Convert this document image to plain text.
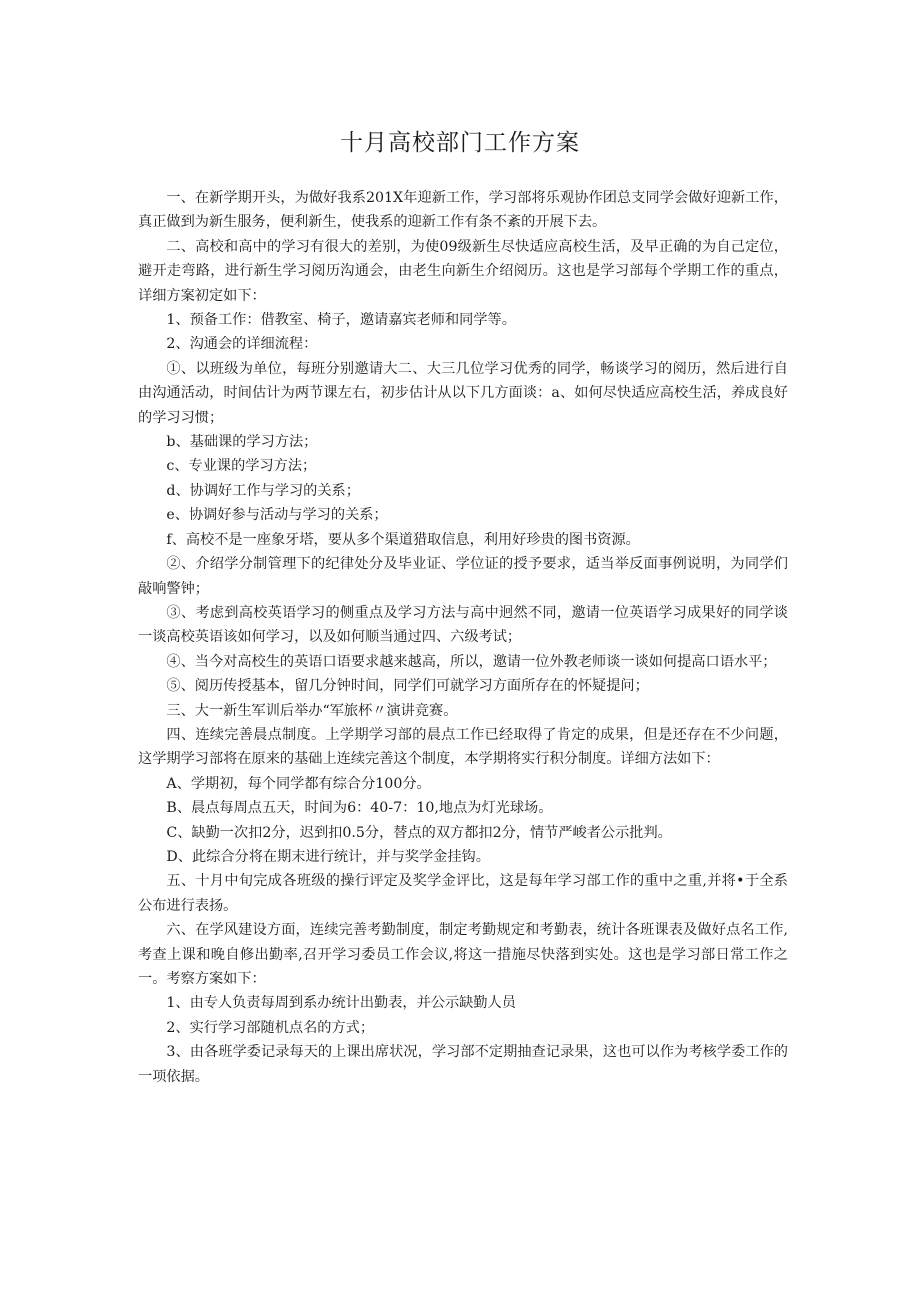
十月高校部门工作方案

一、在新学期开头，为做好我系201X年迎新工作，学习部将乐观协作团总支同学会做好迎新工作，真正做到为新生服务，便利新生，使我系的迎新工作有条不紊的开展下去。

二、高校和高中的学习有很大的差别，为使09级新生尽快适应高校生活，及早正确的为自己定位，避开走弯路，进行新生学习阅历沟通会，由老生向新生介绍阅历。这也是学习部每个学期工作的重点，详细方案初定如下：

1、预备工作：借教室、椅子，邀请嘉宾老师和同学等。

2、沟通会的详细流程：

①、以班级为单位，每班分别邀请大二、大三几位学习优秀的同学，畅谈学习的阅历，然后进行自由沟通活动，时间估计为两节课左右，初步估计从以下几方面谈：a、如何尽快适应高校生活，养成良好的学习习惯；

b、基础课的学习方法；

c、专业课的学习方法；

d、协调好工作与学习的关系；

e、协调好参与活动与学习的关系；

f、高校不是一座象牙塔，要从多个渠道猎取信息，利用好珍贵的图书资源。

②、介绍学分制管理下的纪律处分及毕业证、学位证的授予要求，适当举反面事例说明，为同学们敲响警钟；

③、考虑到高校英语学习的侧重点及学习方法与高中迥然不同，邀请一位英语学习成果好的同学谈一谈高校英语该如何学习，以及如何顺当通过四、六级考试；

④、当今对高校生的英语口语要求越来越高，所以，邀请一位外教老师谈一谈如何提高口语水平；

⑤、阅历传授基本，留几分钟时间，同学们可就学习方面所存在的怀疑提问；

三、大一新生军训后举办“军旅杯〃演讲竞赛。

四、连续完善晨点制度。上学期学习部的晨点工作已经取得了肯定的成果，但是还存在不少问题，这学期学习部将在原来的基础上连续完善这个制度，本学期将实行积分制度。详细方法如下：

A、学期初，每个同学都有综合分100分。

B、晨点每周点五天，时间为6：40-7：10,地点为灯光球场。

C、缺勤一次扣2分，迟到扣0.5分，替点的双方都扣2分，情节严峻者公示批判。

D、此综合分将在期末进行统计，并与奖学金挂钩。

五、十月中旬完成各班级的操行评定及奖学金评比，这是每年学习部工作的重中之重,并将•于全系公布进行表扬。

六、在学风建设方面，连续完善考勤制度，制定考勤规定和考勤表，统计各班课表及做好点名工作,考查上课和晚自修出勤率,召开学习委员工作会议,将这一措施尽快落到实处。这也是学习部日常工作之一。考察方案如下：

1、由专人负责每周到系办统计出勤表，并公示缺勤人员

2、实行学习部随机点名的方式；

3、由各班学委记录每天的上课出席状况，学习部不定期抽查记录果，这也可以作为考核学委工作的一项依据。
